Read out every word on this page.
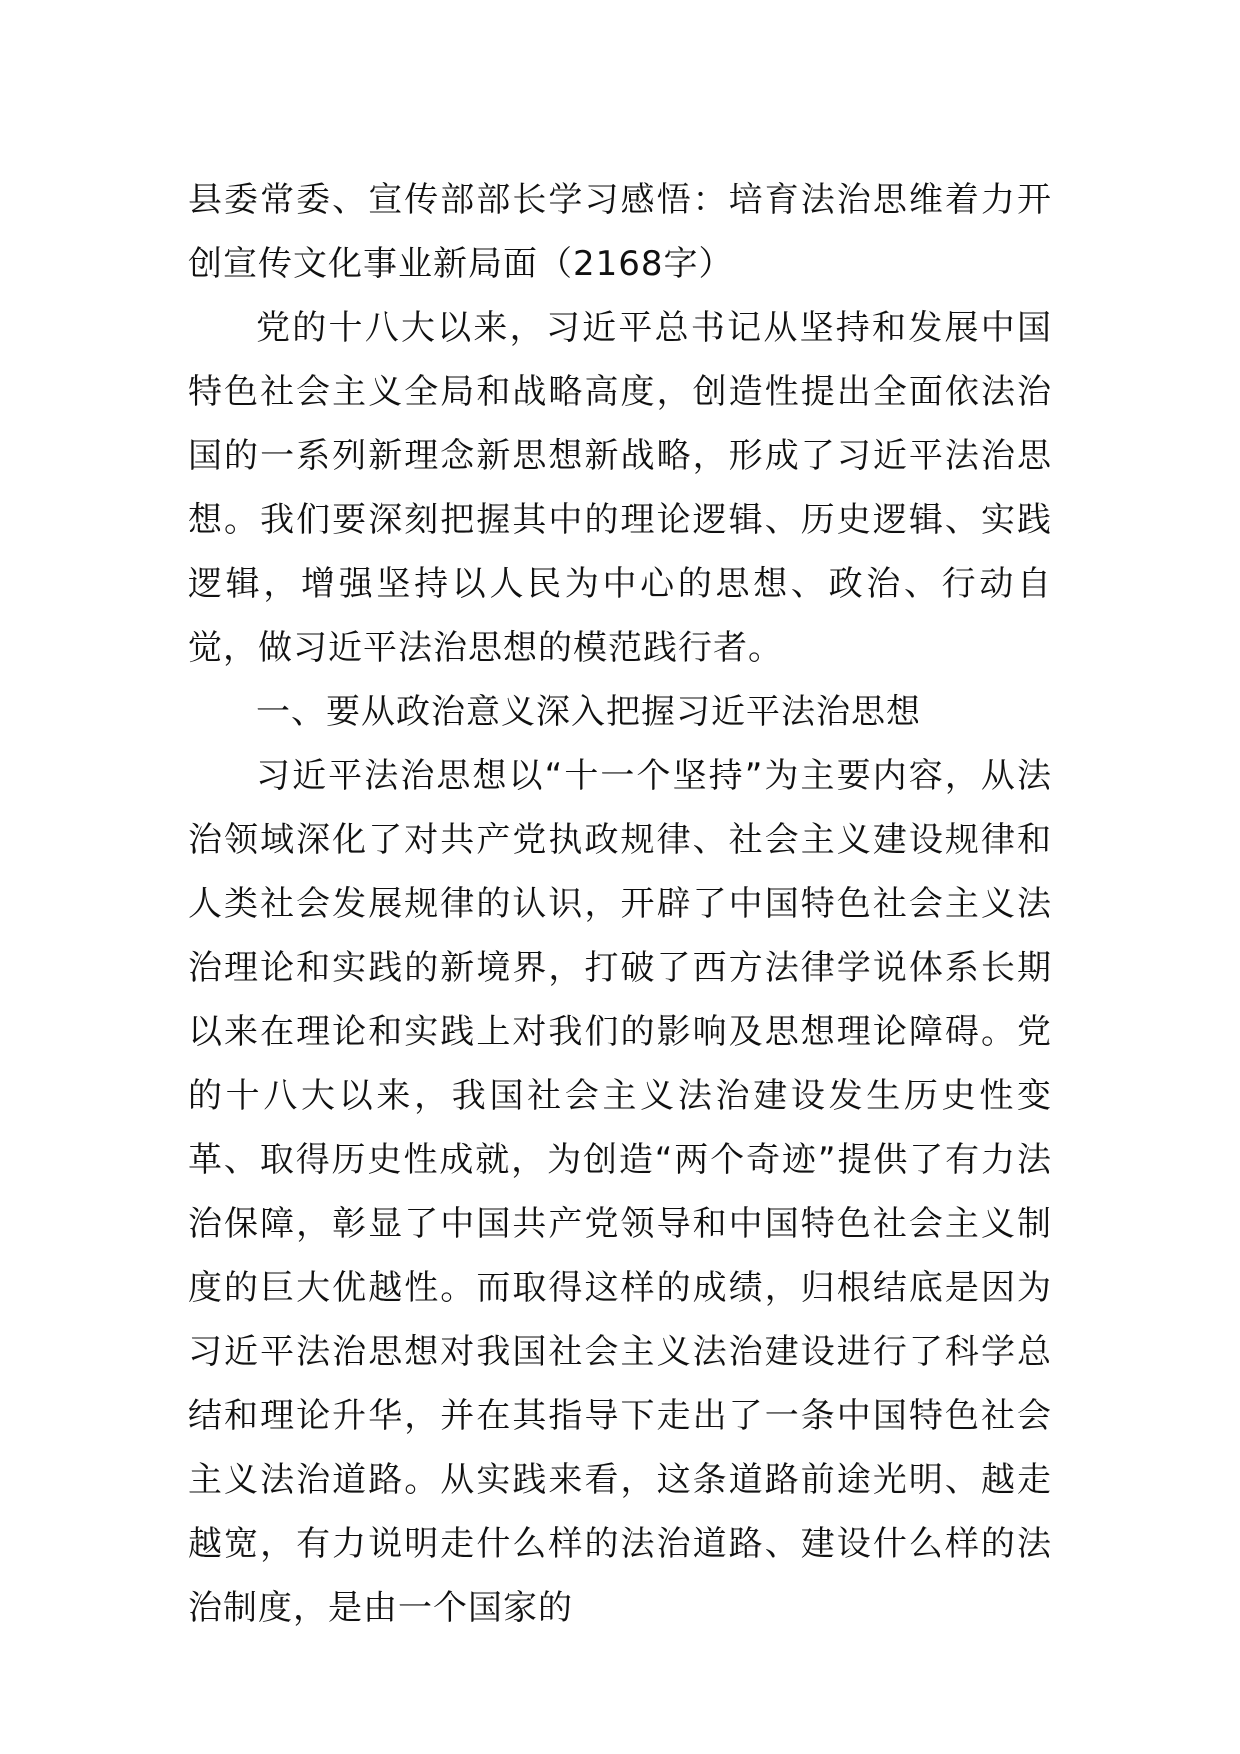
县委常委、宣传部部长学习感悟：培育法治思维着力开创宣传文化事业新局面（2168字）

党的十八大以来，习近平总书记从坚持和发展中国特色社会主义全局和战略高度，创造性提出全面依法治国的一系列新理念新思想新战略，形成了习近平法治思想。我们要深刻把握其中的理论逻辑、历史逻辑、实践逻辑，增强坚持以人民为中心的思想、政治、行动自觉，做习近平法治思想的模范践行者。

一、要从政治意义深入把握习近平法治思想

习近平法治思想以“十一个坚持”为主要内容，从法治领域深化了对共产党执政规律、社会主义建设规律和人类社会发展规律的认识，开辟了中国特色社会主义法治理论和实践的新境界，打破了西方法律学说体系长期以来在理论和实践上对我们的影响及思想理论障碍。党的十八大以来，我国社会主义法治建设发生历史性变革、取得历史性成就，为创造“两个奇迹”提供了有力法治保障，彰显了中国共产党领导和中国特色社会主义制度的巨大优越性。而取得这样的成绩，归根结底是因为习近平法治思想对我国社会主义法治建设进行了科学总结和理论升华，并在其指导下走出了一条中国特色社会主义法治道路。从实践来看，这条道路前途光明、越走越宽，有力说明走什么样的法治道路、建设什么样的法治制度，是由一个国家的
